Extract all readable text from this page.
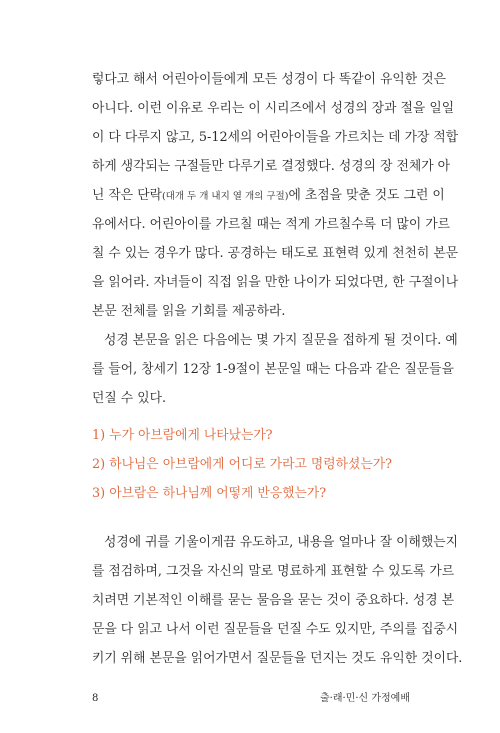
렇다고 해서 어린아이들에게 모든 성경이 다 똑같이 유익한 것은
아니다. 이런 이유로 우리는 이 시리즈에서 성경의 장과 절을 일일
이 다 다루지 않고, 5-12세의 어린아이들을 가르치는 데 가장 적합
하게 생각되는 구절들만 다루기로 결정했다. 성경의 장 전체가 아
닌 작은 단락(대개 두 개 내지 열 개의 구절)에 초점을 맞춘 것도 그런 이
유에서다. 어린아이를 가르칠 때는 적게 가르칠수록 더 많이 가르
칠 수 있는 경우가 많다. 공경하는 태도로 표현력 있게 천천히 본문
을 읽어라. 자녀들이 직접 읽을 만한 나이가 되었다면, 한 구절이나
본문 전체를 읽을 기회를 제공하라.
성경 본문을 읽은 다음에는 몇 가지 질문을 접하게 될 것이다. 예
를 들어, 창세기 12장 1-9절이 본문일 때는 다음과 같은 질문들을
던질 수 있다.
1) 누가 아브람에게 나타났는가?
2) 하나님은 아브람에게 어디로 가라고 명령하셨는가?
3) 아브람은 하나님께 어떻게 반응했는가?
성경에 귀를 기울이게끔 유도하고, 내용을 얼마나 잘 이해했는지
를 점검하며, 그것을 자신의 말로 명료하게 표현할 수 있도록 가르
치려면 기본적인 이해를 묻는 물음을 묻는 것이 중요하다. 성경 본
문을 다 읽고 나서 이런 질문들을 던질 수도 있지만, 주의를 집중시
키기 위해 본문을 읽어가면서 질문들을 던지는 것도 유익한 것이다.
8	출·래·민·신 가정예배
